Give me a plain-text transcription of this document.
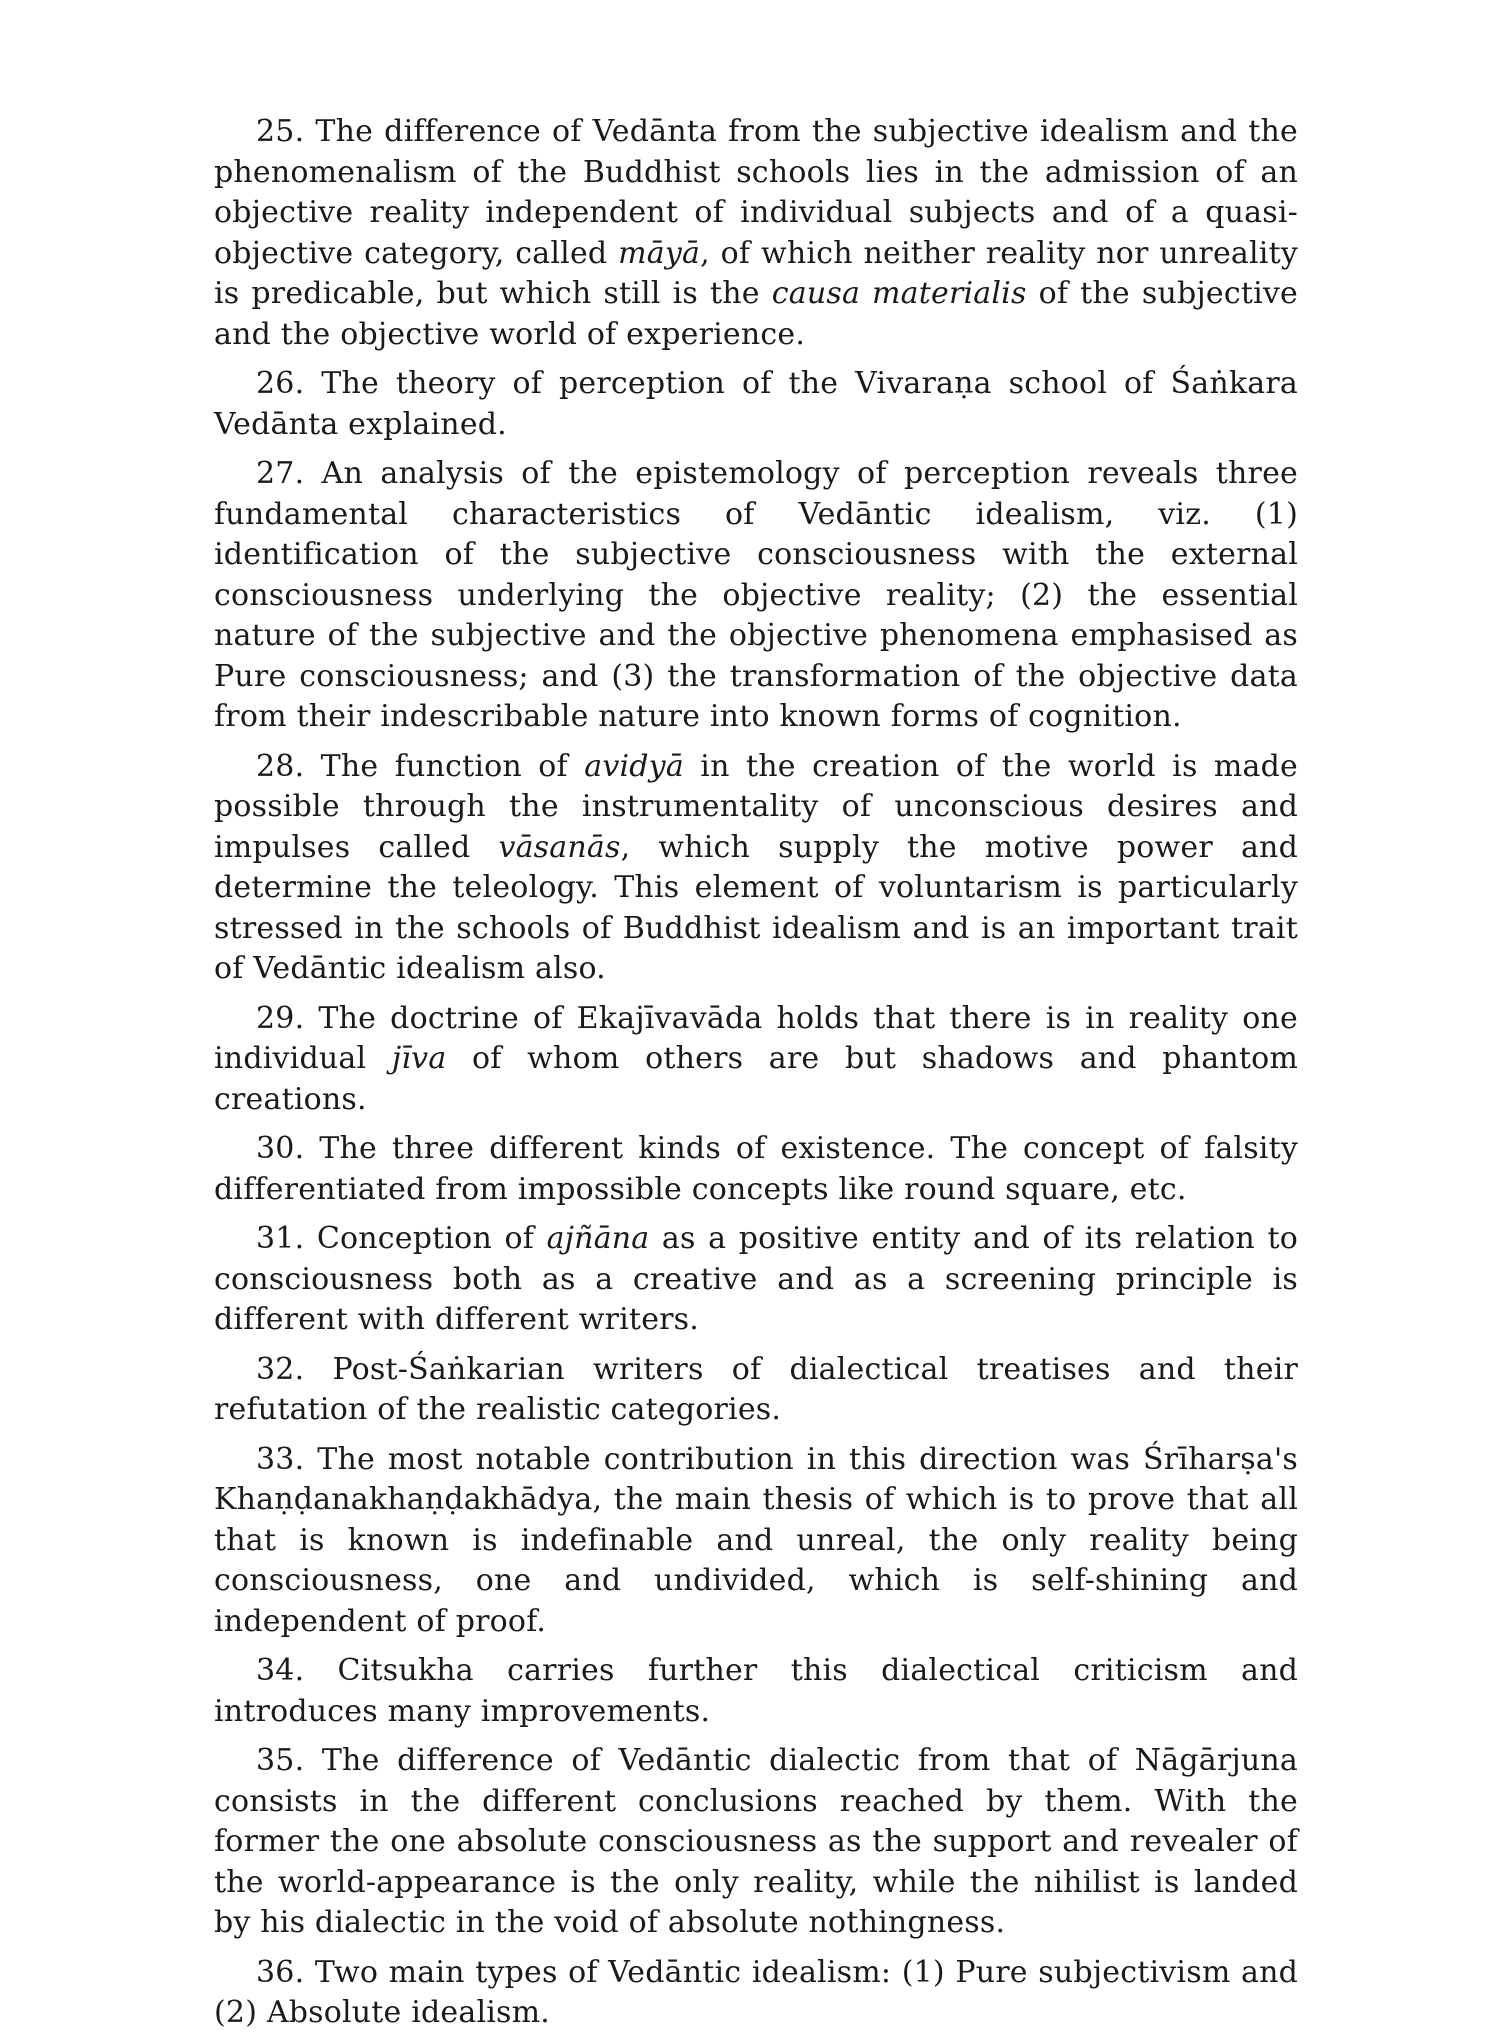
25. The difference of Vedānta from the subjective idealism and the phenomenalism of the Buddhist schools lies in the admission of an objective reality independent of individual subjects and of a quasi-objective category, called māyā, of which neither reality nor unreality is predicable, but which still is the causa materialis of the subjective and the objective world of experience.

26. The theory of perception of the Vivaraṇa school of Śaṅkara Vedānta explained.

27. An analysis of the epistemology of perception reveals three fundamental characteristics of Vedāntic idealism, viz. (1) identification of the subjective consciousness with the external consciousness underlying the objective reality; (2) the essential nature of the subjective and the objective phenomena emphasised as Pure consciousness; and (3) the transformation of the objective data from their indescribable nature into known forms of cognition.

28. The function of avidyā in the creation of the world is made possible through the instrumentality of unconscious desires and impulses called vāsanās, which supply the motive power and determine the teleology. This element of voluntarism is particularly stressed in the schools of Buddhist idealism and is an important trait of Vedāntic idealism also.

29. The doctrine of Ekajīvavāda holds that there is in reality one individual jīva of whom others are but shadows and phantom creations.

30. The three different kinds of existence. The concept of falsity differentiated from impossible concepts like round square, etc.

31. Conception of ajñāna as a positive entity and of its relation to consciousness both as a creative and as a screening principle is different with different writers.

32. Post-Śaṅkarian writers of dialectical treatises and their refutation of the realistic categories.

33. The most notable contribution in this direction was Śrīharṣa's Khaṇḍanakhaṇḍakhādya, the main thesis of which is to prove that all that is known is indefinable and unreal, the only reality being consciousness, one and undivided, which is self-shining and independent of proof.

34. Citsukha carries further this dialectical criticism and introduces many improvements.

35. The difference of Vedāntic dialectic from that of Nāgārjuna consists in the different conclusions reached by them. With the former the one absolute consciousness as the support and revealer of the world-appearance is the only reality, while the nihilist is landed by his dialectic in the void of absolute nothingness.

36. Two main types of Vedāntic idealism: (1) Pure subjectivism and (2) Absolute idealism.
